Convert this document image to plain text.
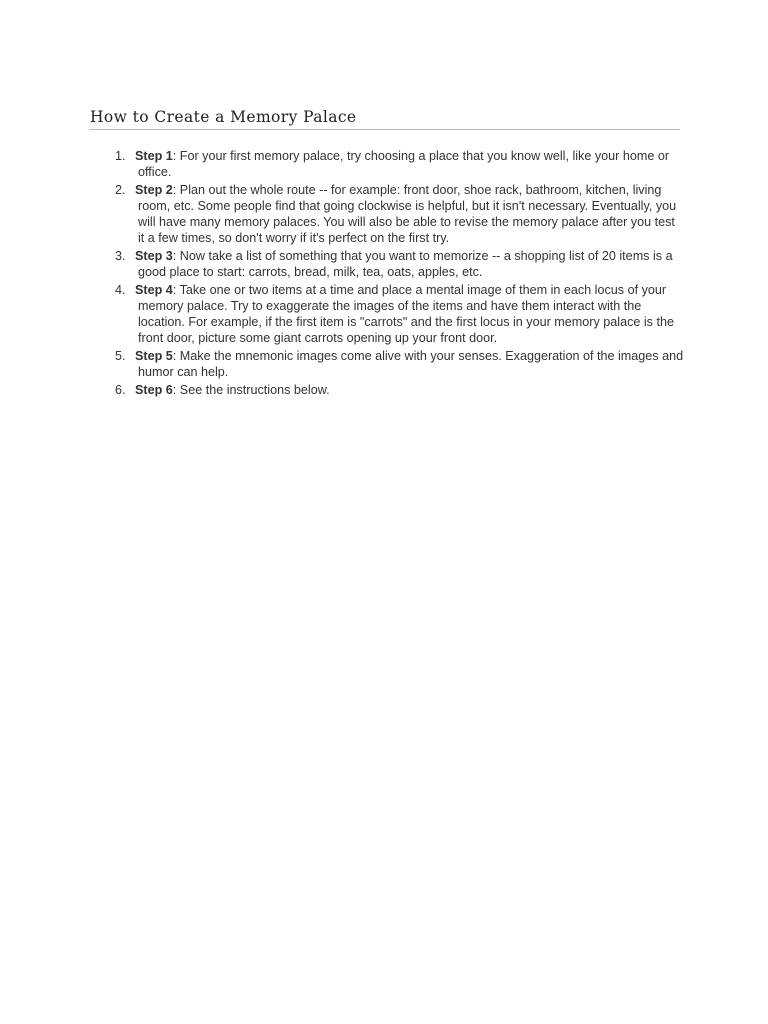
How to Create a Memory Palace
1. Step 1: For your first memory palace, try choosing a place that you know well, like your home or office.
2. Step 2: Plan out the whole route -- for example: front door, shoe rack, bathroom, kitchen, living room, etc. Some people find that going clockwise is helpful, but it isn't necessary. Eventually, you will have many memory palaces. You will also be able to revise the memory palace after you test it a few times, so don't worry if it's perfect on the first try.
3. Step 3: Now take a list of something that you want to memorize -- a shopping list of 20 items is a good place to start: carrots, bread, milk, tea, oats, apples, etc.
4. Step 4: Take one or two items at a time and place a mental image of them in each locus of your memory palace. Try to exaggerate the images of the items and have them interact with the location. For example, if the first item is "carrots" and the first locus in your memory palace is the front door, picture some giant carrots opening up your front door.
5. Step 5: Make the mnemonic images come alive with your senses. Exaggeration of the images and humor can help.
6. Step 6: See the instructions below.
